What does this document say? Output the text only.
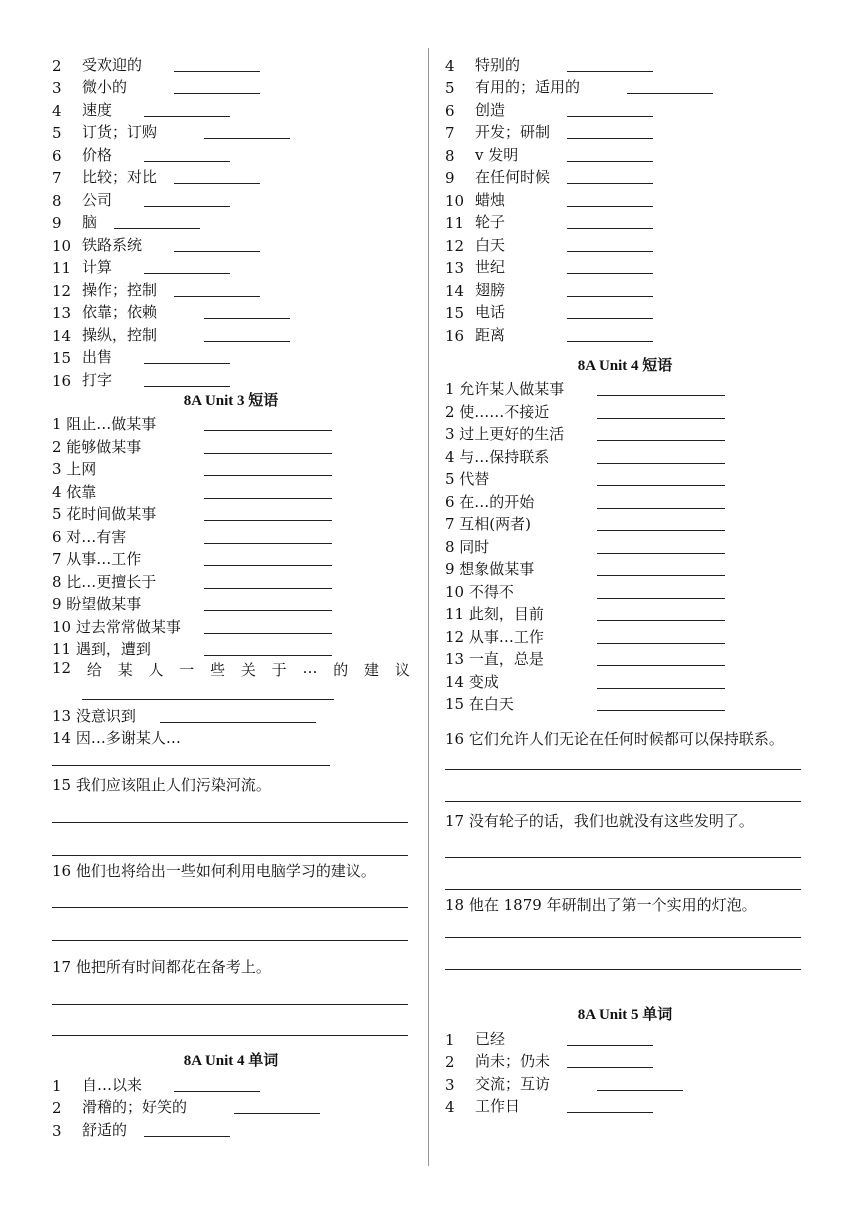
2	受欢迎的
3	微小的
4	速度
5	订货；订购
6	价格
7	比较；对比
8	公司
9	脑
10 铁路系统
11 计算
12 操作；控制
13 依靠；依赖
14 操纵，控制
15 出售
16 打字
8A Unit 3 短语
1 阻止…做某事
2 能够做某事
3 上网
4 依靠
5 花时间做某事
6 对…有害
7 从事…工作
8 比…更擅长于
9 盼望做某事
10 过去常常做某事
11 遇到，遭到
12 给 某 人 一 些 关 于 … 的 建 议
13 没意识到
14 因…多谢某人…

15 我们应该阻止人们污染河流。

16 他们也将给出一些如何利用电脑学习的建议。

17 他把所有时间都花在备考上。

8A Unit 4 单词
1	自…以来
2	滑稽的；好笑的
3	舒适的
4	特别的
5	有用的；适用的
6	创造
7	开发；研制
8	v 发明
9	在任何时候
10 蜡烛
11 轮子
12 白天
13 世纪
14 翅膀
15 电话
16 距离
8A Unit 4 短语
1 允许某人做某事
2 使……不接近
3 过上更好的生活
4 与…保持联系
5 代替
6 在…的开始
7 互相(两者)
8 同时
9 想象做某事
10 不得不
11 此刻，目前
12 从事…工作
13 一直，总是
14 变成
15 在白天

16 它们允许人们无论在任何时候都可以保持联系。

17 没有轮子的话，我们也就没有这些发明了。

18 他在 1879 年研制出了第一个实用的灯泡。

8A Unit 5 单词
1	已经
2	尚未；仍未
3	交流；互访
4	工作日
